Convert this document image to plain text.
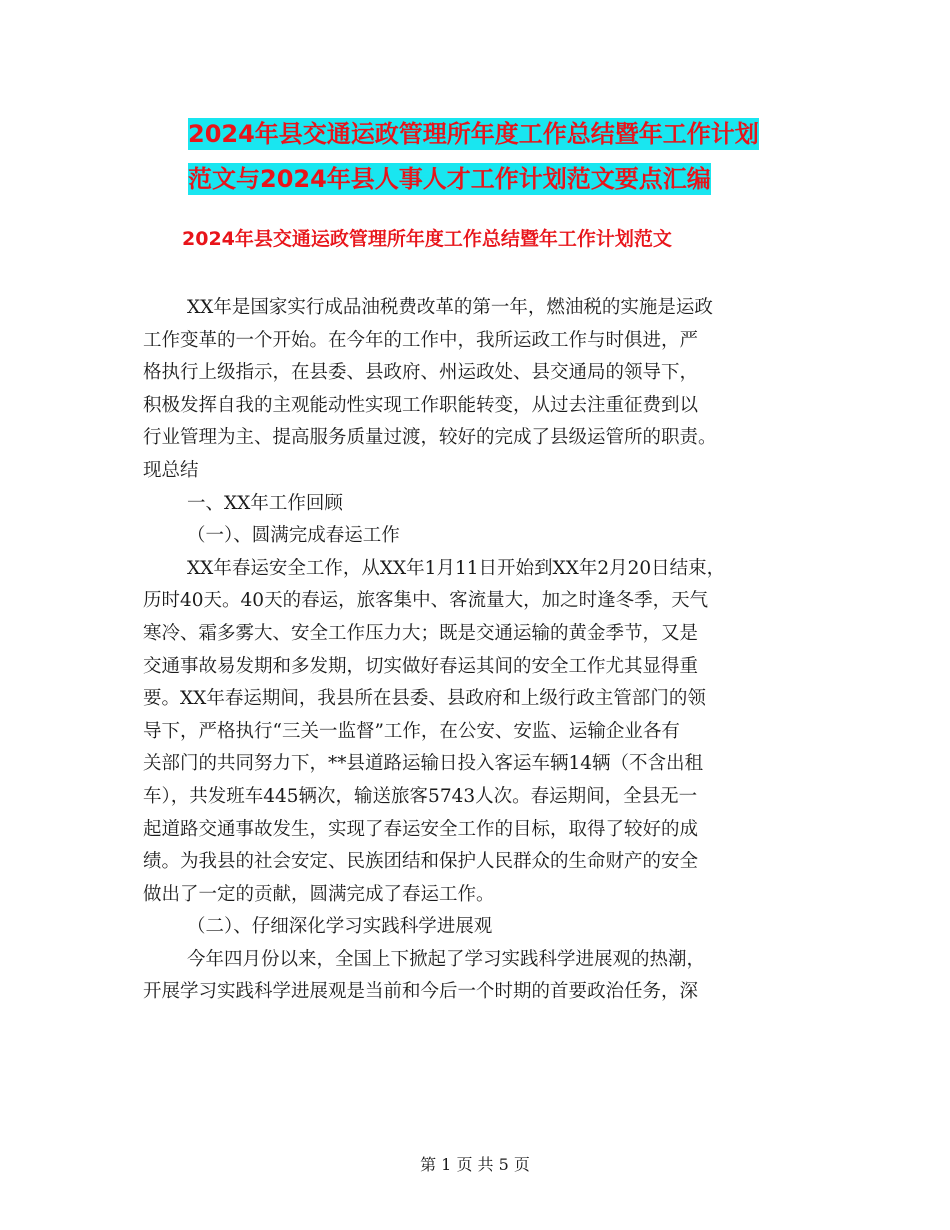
2024年县交通运政管理所年度工作总结暨年工作计划
范文与2024年县人事人才工作计划范文要点汇编
2024年县交通运政管理所年度工作总结暨年工作计划范文
XX年是国家实行成品油税费改革的第一年，燃油税的实施是运政
工作变革的一个开始。在今年的工作中，我所运政工作与时俱进，严
格执行上级指示，在县委、县政府、州运政处、县交通局的领导下，
积极发挥自我的主观能动性实现工作职能转变，从过去注重征费到以
行业管理为主、提高服务质量过渡，较好的完成了县级运管所的职责。
现总结
一、XX年工作回顾
（一）、圆满完成春运工作
XX年春运安全工作，从XX年1月11日开始到XX年2月20日结束，
历时40天。40天的春运，旅客集中、客流量大，加之时逢冬季，天气
寒冷、霜多雾大、安全工作压力大；既是交通运输的黄金季节，又是
交通事故易发期和多发期，切实做好春运其间的安全工作尤其显得重
要。XX年春运期间，我县所在县委、县政府和上级行政主管部门的领
导下，严格执行“三关一监督”工作，在公安、安监、运输企业各有
关部门的共同努力下，**县道路运输日投入客运车辆14辆（不含出租
车），共发班车445辆次，输送旅客5743人次。春运期间，全县无一
起道路交通事故发生，实现了春运安全工作的目标，取得了较好的成
绩。为我县的社会安定、民族团结和保护人民群众的生命财产的安全
做出了一定的贡献，圆满完成了春运工作。
（二）、仔细深化学习实践科学进展观
今年四月份以来，全国上下掀起了学习实践科学进展观的热潮，
开展学习实践科学进展观是当前和今后一个时期的首要政治任务，深
第 1 页 共 5 页
